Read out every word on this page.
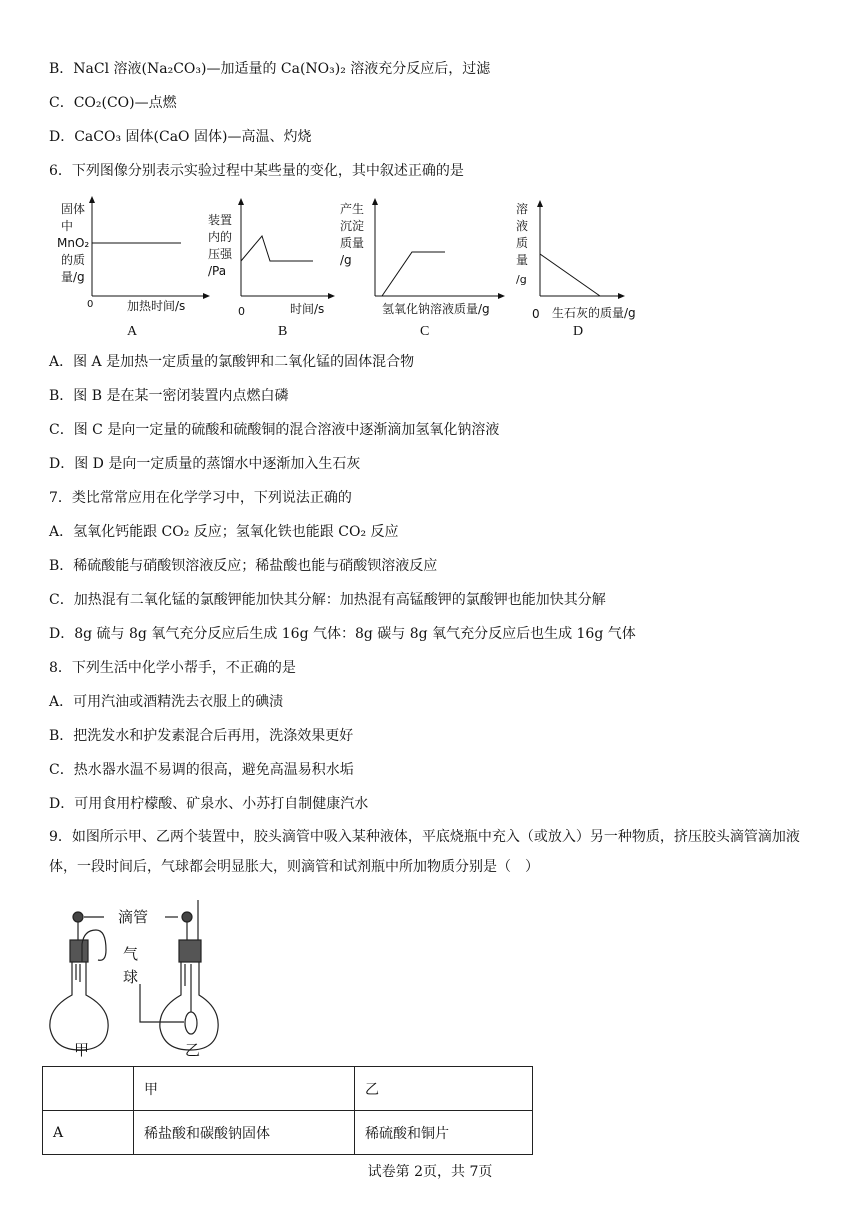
B．NaCl 溶液(Na₂CO₃)—加适量的 Ca(NO₃)₂ 溶液充分反应后，过滤
C．CO₂(CO)—点燃
D．CaCO₃ 固体(CaO 固体)—高温、灼烧
6．下列图像分别表示实验过程中某些量的变化，其中叙述正确的是
固体
中
MnO₂
的质
量/g
0	加热时间/s
A
装置
内的
压强
/Pa
0	时间/s
B
产生
沉淀
质量
/g
氢氧化钠溶液质量/g
C
溶
液
质
量
/g
0 生石灰的质量/g
D
A．图 A 是加热一定质量的氯酸钾和二氧化锰的固体混合物
B．图 B 是在某一密闭装置内点燃白磷
C．图 C 是向一定量的硫酸和硫酸铜的混合溶液中逐渐滴加氢氧化钠溶液
D．图 D 是向一定质量的蒸馏水中逐渐加入生石灰
7．类比常常应用在化学学习中，下列说法正确的
A．氢氧化钙能跟 CO₂ 反应；氢氧化铁也能跟 CO₂ 反应
B．稀硫酸能与硝酸钡溶液反应；稀盐酸也能与硝酸钡溶液反应
C．加热混有二氧化锰的氯酸钾能加快其分解：加热混有高锰酸钾的氯酸钾也能加快其分解
D．8g 硫与 8g 氧气充分反应后生成 16g 气体：8g 碳与 8g 氧气充分反应后也生成 16g 气体
8．下列生活中化学小帮手，不正确的是
A．可用汽油或酒精洗去衣服上的碘渍
B．把洗发水和护发素混合后再用，洗涤效果更好
C．热水器水温不易调的很高，避免高温易积水垢
D．可用食用柠檬酸、矿泉水、小苏打自制健康汽水
9．如图所示甲、乙两个装置中，胶头滴管中吸入某种液体，平底烧瓶中充入（或放入）另一种物质，挤压胶头滴管滴加液体，一段时间后，气球都会明显胀大，则滴管和试剂瓶中所加物质分别是（　）
滴管
气
球
甲	乙
	甲	乙
A	稀盐酸和碳酸钠固体	稀硫酸和铜片
试卷第 2页，共 7页
